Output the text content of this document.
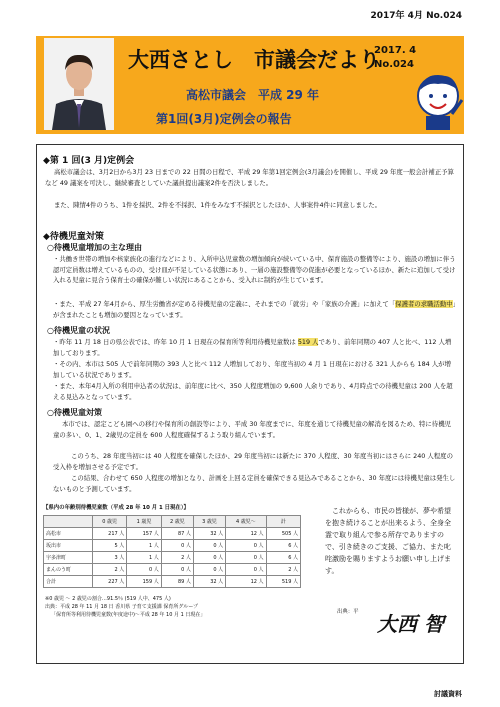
2017年 4月 No.024
大西さとし　市議会だより
2017. 4
No.024
高松市議会　平成 29 年
第1回(3月)定例会の報告
◆第 1 回(3 月)定例会
高松市議会は、3月2日から3月 23 日までの 22 日間の日程で、平成 29 年第1回定例会(3月議会)を開催し、平成 29 年度一般会計補正予算など 49 議案を可決し、継続審査としていた議員提出議案2件を否決しました。
また、陳情4件のうち、1件を採択、2件を不採択、1件をみなす不採択としたほか、人事案件4件に同意しました。
◆待機児童対策
○待機児童増加の主な理由
・共働き世帯の増加や核家族化の進行などにより、入所申込児童数の増加傾向が続いている中、保育施設の整備等により、施設の増加に伴う認可定員数は増えているものの、受け皿が不足している状態にあり、一層の施設整備等の促進が必要となっているほか、新たに追加して受け入れる児童に見合う保育士の確保が難しい状況にあることから、受入れに制約が生じています。
・また、平成 27 年4月から、厚生労働省が定める待機児童の定義に、それまでの「就労」や「家族の介護」に加えて「保護者の求職活動中」が含まれたことも増加の要因となっています。
○待機児童の状況
・昨年 11 月 18 日の県公表では、昨年 10 月 1 日現在の保育所等利用待機児童数は 519 人であり、前年同期の 407 人と比べ、112 人増加しております。
・その内、本市は 505 人で前年同期の 393 人と比べ 112 人増加しており、年度当初の 4 月 1 日現在における 321 人からも 184 人が増加している状況であります。
・また、本年4月入所の利用申込者の状況は、前年度に比べ、350 人程度増加の 9,600 人余りであり、4月時点での待機児童は 200 人を超える見込みとなっています。
○待機児童対策
本市では、認定こども園への移行や保育所の創設等により、平成 30 年度までに、年度を通じて待機児童の解消を図るため、特に待機児童の多い、0、1、2歳児の定員を 600 人程度確保するよう取り組んでいます。
このうち、28 年度当初には 40 人程度を確保したほか、29 年度当初には新たに 370 人程度、30 年度当初にはさらに 240 人程度の受入枠を増加させる予定です。
この結果、合わせて 650 人程度の増加となり、計画を上回る定員を確保できる見込みであることから、30 年度には待機児童は発生しないものと予測しています。
【県内の年齢別待機児童数（平成 28 年 10 月 1 日現在）】
	0 歳児	1 歳児	2 歳児	3 歳児	4 歳児～	計
高松市	217 人	157 人	87 人	32 人	12 人	505 人
坂出市	5 人	1 人	0 人	0 人	0 人	6 人
宇多津町	3 人	1 人	2 人	0 人	0 人	6 人
まんのう町	2 人	0 人	0 人	0 人	0 人	2 人
合計	227 人	159 人	89 人	32 人	12 人	519 人
※0 歳児 ～ 2 歳児の割合…91.5％ (519 人中、475 人)
出典：平成 28 年 11 月 18 日 香川県 子育て支援課 保育所グループ
「保育所等利用待機児童数(年度途中)～平成 28 年 10 月 1 日現在」
これからも、市民の皆様が、夢や希望を抱き続けることが出来るよう、全身全霊で取り組んで参る所存でありますので、引き続きのご支援、ご協力、また叱咤激励を賜りますようお願い申し上げます。
出典：平 大西 智
討議資料
